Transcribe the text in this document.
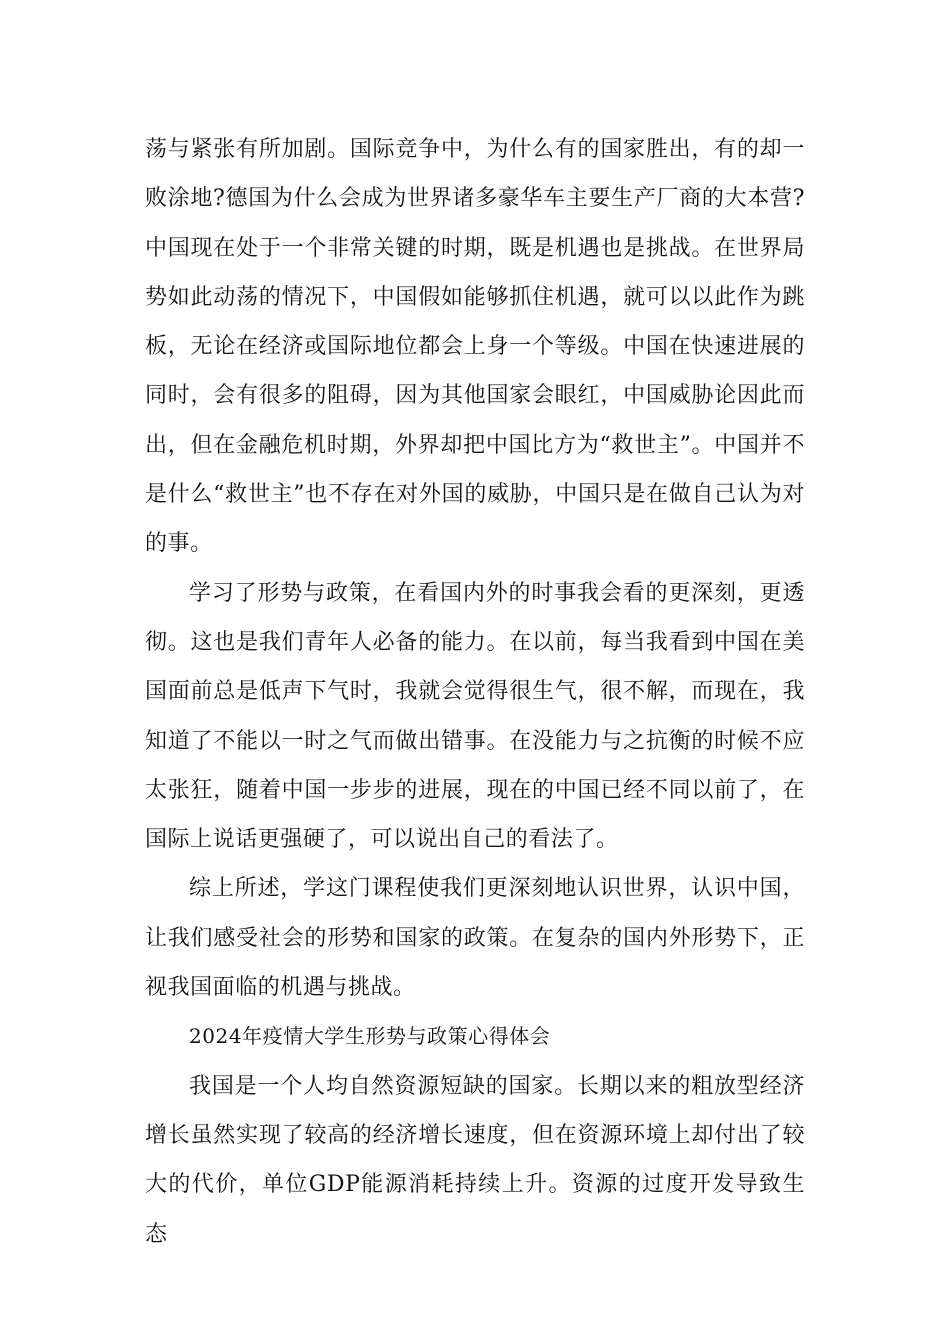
荡与紧张有所加剧。国际竞争中，为什么有的国家胜出，有的却一败涂地?德国为什么会成为世界诸多豪华车主要生产厂商的大本营?中国现在处于一个非常关键的时期，既是机遇也是挑战。在世界局势如此动荡的情况下，中国假如能够抓住机遇，就可以以此作为跳板，无论在经济或国际地位都会上身一个等级。中国在快速进展的同时，会有很多的阻碍，因为其他国家会眼红，中国威胁论因此而出，但在金融危机时期，外界却把中国比方为“救世主”。中国并不是什么“救世主”也不存在对外国的威胁，中国只是在做自己认为对的事。

学习了形势与政策，在看国内外的时事我会看的更深刻，更透彻。这也是我们青年人必备的能力。在以前，每当我看到中国在美国面前总是低声下气时，我就会觉得很生气，很不解，而现在，我知道了不能以一时之气而做出错事。在没能力与之抗衡的时候不应太张狂，随着中国一步步的进展，现在的中国已经不同以前了，在国际上说话更强硬了，可以说出自己的看法了。

综上所述，学这门课程使我们更深刻地认识世界，认识中国，让我们感受社会的形势和国家的政策。在复杂的国内外形势下，正视我国面临的机遇与挑战。

2024年疫情大学生形势与政策心得体会

我国是一个人均自然资源短缺的国家。长期以来的粗放型经济增长虽然实现了较高的经济增长速度，但在资源环境上却付出了较大的代价，单位GDP能源消耗持续上升。资源的过度开发导致生态
